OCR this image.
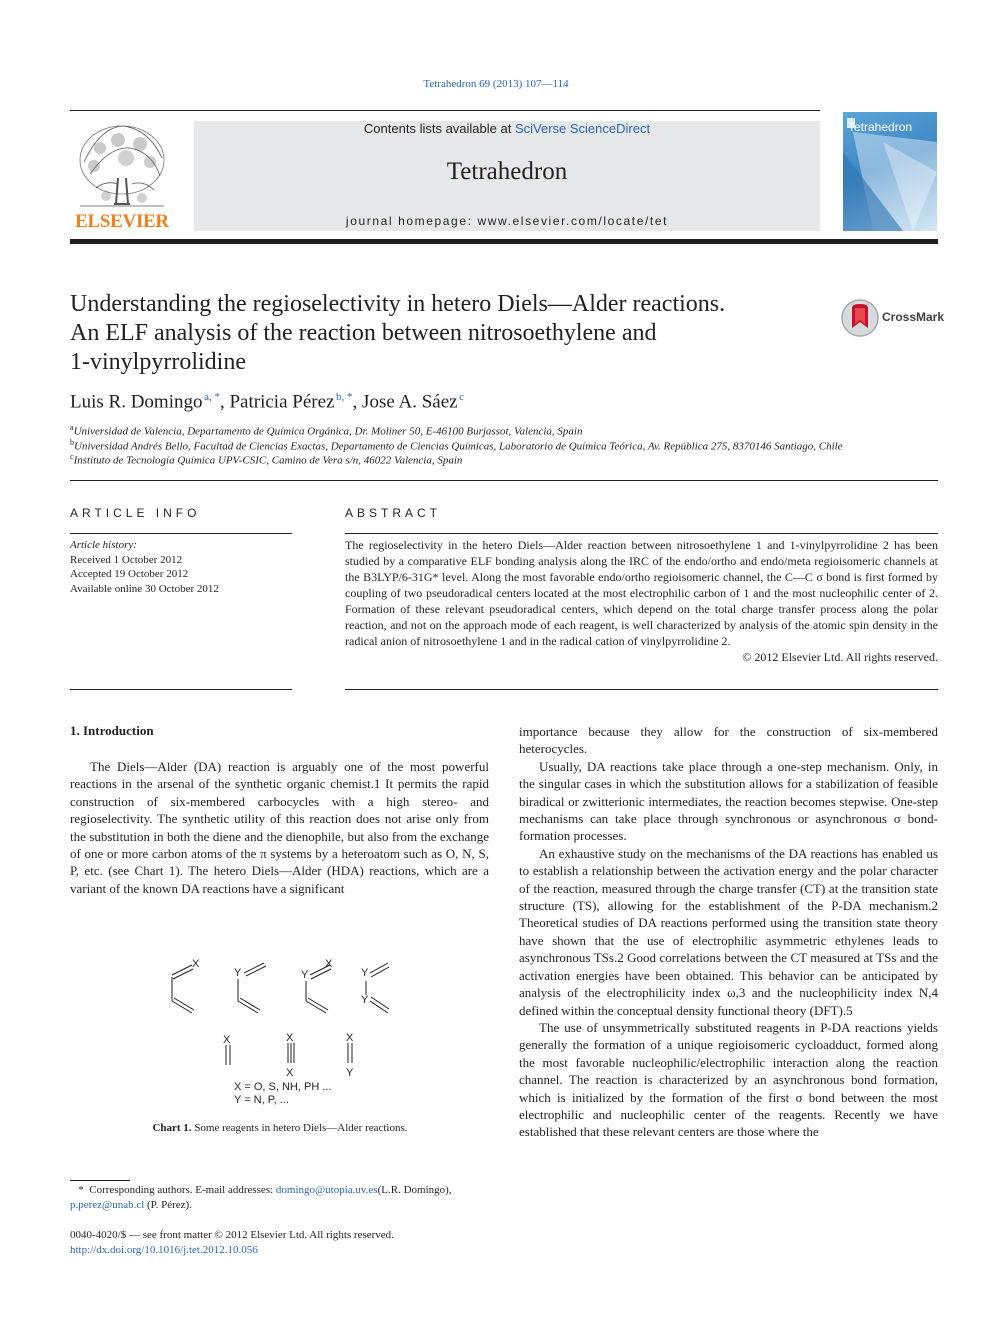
Tetrahedron 69 (2013) 107—114
ELSEVIER
Contents lists available at SciVerse ScienceDirect
Tetrahedron
journal homepage: www.elsevier.com/locate/tet
Tetrahedron
Understanding the regioselectivity in hetero Diels—Alder reactions.
An ELF analysis of the reaction between nitrosoethylene and
1-vinylpyrrolidine
CrossMark
Luis R. Domingo  $^{a, *}$, Patricia Pérez  $^{b, *}$, Jose A. Sáez  $^c$
$^a$Universidad de Valencia, Departamento de Química Orgánica, Dr. Moliner 50, E-46100 Burjassot, Valencia, Spain
$^b$Universidad Andrés Bello, Facultad de Ciencias Exactas, Departamento de Ciencias Químicas, Laboratorio de Química Teórica, Av. República 275, 8370146 Santiago, Chile
$^c$Instituto de Tecnología Química UPV-CSIC, Camino de Vera s/n, 46022 Valencia, Spain
ARTICLE INFO
Article history:
Received 1 October 2012
Accepted 19 October 2012
Available online 30 October 2012
ABSTRACT
The regioselectivity in the hetero Diels—Alder reaction between nitrosoethylene 1 and 1-vinylpyrrolidine 2 has been studied by a comparative ELF bonding analysis along the IRC of the endo/ortho and endo/meta regioisomeric channels at the B3LYP/6-31G* level. Along the most favorable endo/ortho regioisomeric channel, the C—C σ bond is first formed by coupling of two pseudoradical centers located at the most electrophilic carbon of 1 and the most nucleophilic center of 2. Formation of these relevant pseudoradical centers, which depend on the total charge transfer process along the polar reaction, and not on the approach mode of each reagent, is well characterized by analysis of the atomic spin density in the radical anion of nitrosoethylene 1 and in the radical cation of vinylpyrrolidine 2.
© 2012 Elsevier Ltd. All rights reserved.
1. Introduction

The Diels—Alder (DA) reaction is arguably one of the most powerful reactions in the arsenal of the synthetic organic chemist.1 It permits the rapid construction of six-membered carbocycles with a high stereo- and regioselectivity. The synthetic utility of this reaction does not arise only from the substitution in both the diene and the dienophile, but also from the exchange of one or more carbon atoms of the π systems by a heteroatom such as O, N, S, P, etc. (see Chart 1). The hetero Diels—Alder (HDA) reactions, which are a variant of the known DA reactions have a significant

X
Y	Y
X
Y
Y
X	X
X
X
Y
X = O, S, NH, PH ...
Y = N, P, ...
Chart 1. Some reagents in hetero Diels—Alder reactions.

importance because they allow for the construction of six-membered heterocycles.

Usually, DA reactions take place through a one-step mechanism. Only, in the singular cases in which the substitution allows for a stabilization of feasible biradical or zwitterionic intermediates, the reaction becomes stepwise. One-step mechanisms can take place through synchronous or asynchronous σ bond-formation processes.

An exhaustive study on the mechanisms of the DA reactions has enabled us to establish a relationship between the activation energy and the polar character of the reaction, measured through the charge transfer (CT) at the transition state structure (TS), allowing for the establishment of the P-DA mechanism.2 Theoretical studies of DA reactions performed using the transition state theory have shown that the use of electrophilic asymmetric ethylenes leads to asynchronous TSs.2 Good correlations between the CT measured at TSs and the activation energies have been obtained. This behavior can be anticipated by analysis of the electrophilicity index ω,3 and the nucleophilicity index N,4 defined within the conceptual density functional theory (DFT).5

The use of unsymmetrically substituted reagents in P-DA reactions yields generally the formation of a unique regioisomeric cycloadduct, formed along the most favorable nucleophilic/electrophilic interaction along the reaction channel. The reaction is characterized by an asynchronous bond formation, which is initialized by the formation of the first σ bond between the most electrophilic and nucleophilic center of the reagents. Recently we have established that these relevant centers are those where the

* Corresponding authors. E-mail addresses: domingo@utopia.uv.es(L.R. Domingo), p.perez@unab.cl (P. Pérez).
0040-4020/$ — see front matter © 2012 Elsevier Ltd. All rights reserved.
http://dx.doi.org/10.1016/j.tet.2012.10.056
